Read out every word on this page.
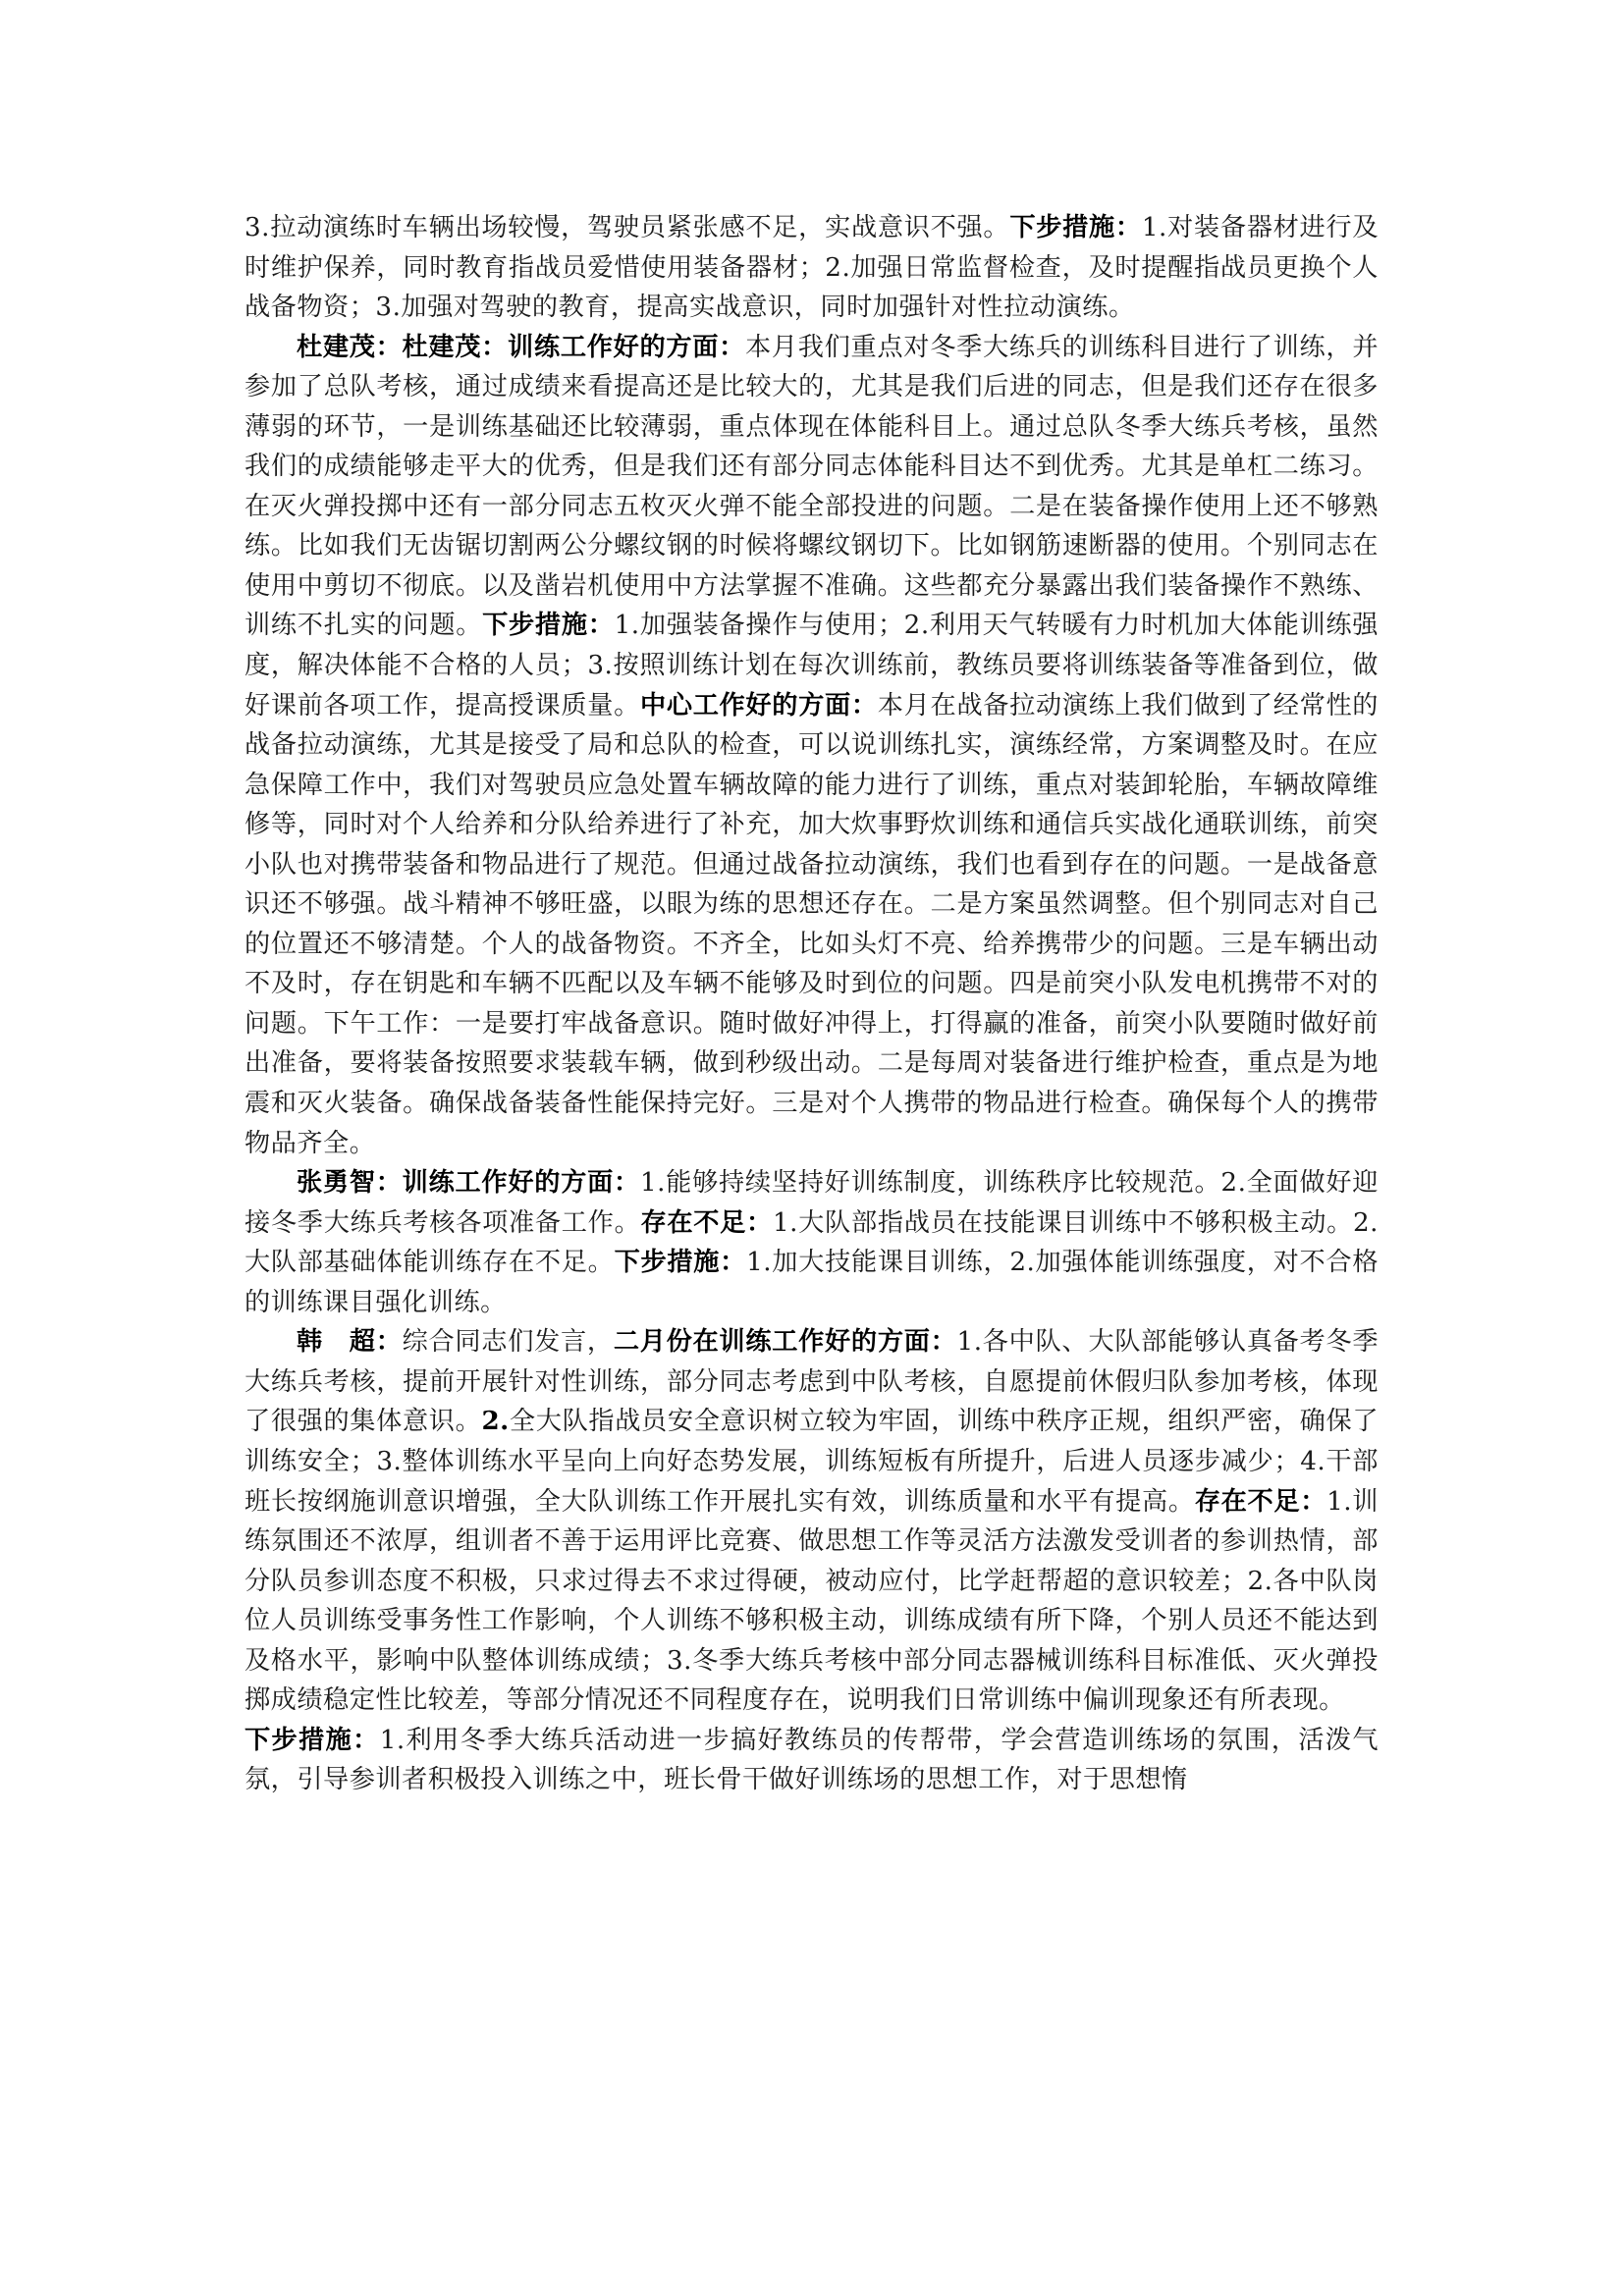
3.拉动演练时车辆出场较慢，驾驶员紧张感不足，实战意识不强。下步措施：1.对装备器材进行及时维护保养，同时教育指战员爱惜使用装备器材；2.加强日常监督检查，及时提醒指战员更换个人战备物资；3.加强对驾驶的教育，提高实战意识，同时加强针对性拉动演练。

杜建茂：杜建茂：训练工作好的方面：本月我们重点对冬季大练兵的训练科目进行了训练，并参加了总队考核，通过成绩来看提高还是比较大的，尤其是我们后进的同志，但是我们还存在很多薄弱的环节，一是训练基础还比较薄弱，重点体现在体能科目上。通过总队冬季大练兵考核，虽然我们的成绩能够走平大的优秀，但是我们还有部分同志体能科目达不到优秀。尤其是单杠二练习。在灭火弹投掷中还有一部分同志五枚灭火弹不能全部投进的问题。二是在装备操作使用上还不够熟练。比如我们无齿锯切割两公分螺纹钢的时候将螺纹钢切下。比如钢筋速断器的使用。个别同志在使用中剪切不彻底。以及凿岩机使用中方法掌握不准确。这些都充分暴露出我们装备操作不熟练、训练不扎实的问题。下步措施：1.加强装备操作与使用；2.利用天气转暖有力时机加大体能训练强度，解决体能不合格的人员；3.按照训练计划在每次训练前，教练员要将训练装备等准备到位，做好课前各项工作，提高授课质量。中心工作好的方面：本月在战备拉动演练上我们做到了经常性的战备拉动演练，尤其是接受了局和总队的检查，可以说训练扎实，演练经常，方案调整及时。在应急保障工作中，我们对驾驶员应急处置车辆故障的能力进行了训练，重点对装卸轮胎，车辆故障维修等，同时对个人给养和分队给养进行了补充，加大炊事野炊训练和通信兵实战化通联训练，前突小队也对携带装备和物品进行了规范。但通过战备拉动演练，我们也看到存在的问题。一是战备意识还不够强。战斗精神不够旺盛，以眼为练的思想还存在。二是方案虽然调整。但个别同志对自己的位置还不够清楚。个人的战备物资。不齐全，比如头灯不亮、给养携带少的问题。三是车辆出动不及时，存在钥匙和车辆不匹配以及车辆不能够及时到位的问题。四是前突小队发电机携带不对的问题。下午工作：一是要打牢战备意识。随时做好冲得上，打得赢的准备，前突小队要随时做好前出准备，要将装备按照要求装载车辆，做到秒级出动。二是每周对装备进行维护检查，重点是为地震和灭火装备。确保战备装备性能保持完好。三是对个人携带的物品进行检查。确保每个人的携带物品齐全。

张勇智：训练工作好的方面：1.能够持续坚持好训练制度，训练秩序比较规范。2.全面做好迎接冬季大练兵考核各项准备工作。存在不足：1.大队部指战员在技能课目训练中不够积极主动。2.大队部基础体能训练存在不足。下步措施：1.加大技能课目训练，2.加强体能训练强度，对不合格的训练课目强化训练。

韩　超：综合同志们发言，二月份在训练工作好的方面：1.各中队、大队部能够认真备考冬季大练兵考核，提前开展针对性训练，部分同志考虑到中队考核，自愿提前休假归队参加考核，体现了很强的集体意识。2.全大队指战员安全意识树立较为牢固，训练中秩序正规，组织严密，确保了训练安全；3.整体训练水平呈向上向好态势发展，训练短板有所提升，后进人员逐步减少；4.干部班长按纲施训意识增强，全大队训练工作开展扎实有效，训练质量和水平有提高。存在不足：1.训练氛围还不浓厚，组训者不善于运用评比竞赛、做思想工作等灵活方法激发受训者的参训热情，部分队员参训态度不积极，只求过得去不求过得硬，被动应付，比学赶帮超的意识较差；2.各中队岗位人员训练受事务性工作影响，个人训练不够积极主动，训练成绩有所下降，个别人员还不能达到及格水平，影响中队整体训练成绩；3.冬季大练兵考核中部分同志器械训练科目标准低、灭火弹投掷成绩稳定性比较差，等部分情况还不同程度存在，说明我们日常训练中偏训现象还有所表现。

下步措施：1.利用冬季大练兵活动进一步搞好教练员的传帮带，学会营造训练场的氛围，活泼气氛，引导参训者积极投入训练之中，班长骨干做好训练场的思想工作，对于思想惰
